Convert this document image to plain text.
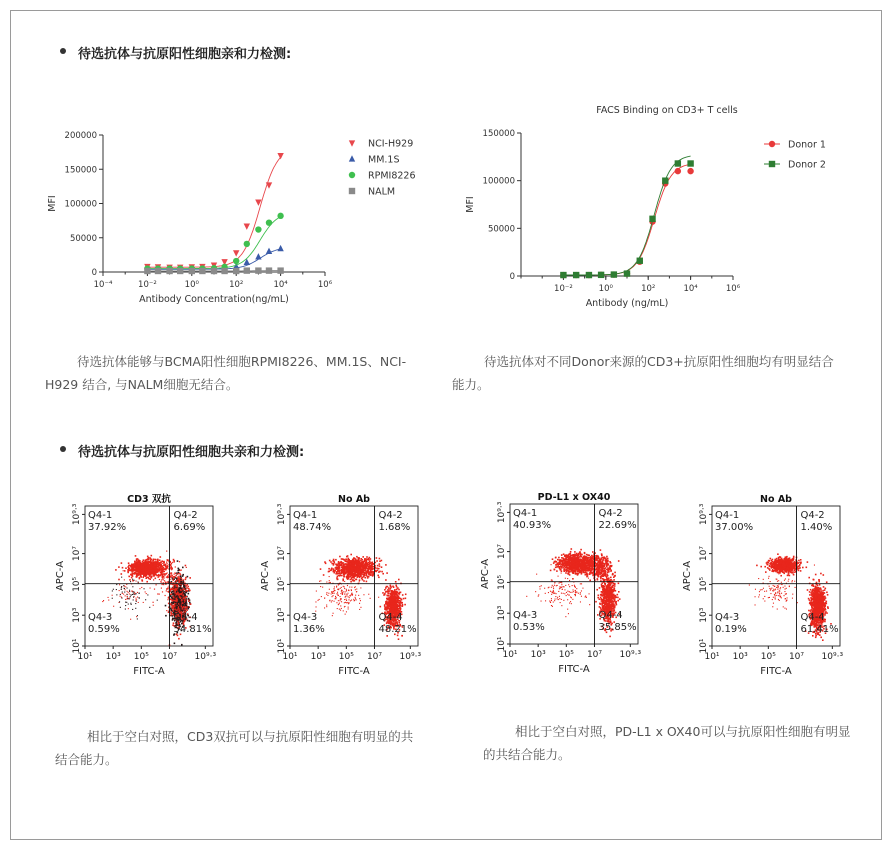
待选抗体与抗原阳性细胞亲和力检测:
0
50000
100000
150000
200000
10⁻⁴	10⁻²	10⁰	10²	10⁴	10⁶
Antibody Concentration(ng/mL)
MFI
NCI-H929
MM.1S
RPMI8226
NALM
0
50000
100000
150000
10⁻²	10⁰	10²	10⁴	10⁶
Antibody (ng/mL)
MFI
FACS Binding on CD3+ T cells
Donor 1
Donor 2
待选抗体能够与BCMA阳性细胞RPMI8226、MM.1S、NCI-H929 结合, 与NALM细胞无结合。
待选抗体对不同Donor来源的CD3+抗原阳性细胞均有明显结合能力。
待选抗体与抗原阳性细胞共亲和力检测:
Q4-1
37.92%
Q4-2
6.69%
Q4-3
0.59%
Q4-4
54.81%
CD3 双抗
10¹ 10³ 10⁵ 10⁷ 10⁹·³
10¹
10³
10⁵
10⁷
10⁹·³
FITC-A
APC-A
Q4-1
48.74%
Q4-2
1.68%
Q4-3
1.36%
Q4-4
48.21%
No Ab
10¹ 10³ 10⁵ 10⁷ 10⁹·³
10¹
10³
10⁵
10⁷
10⁹·³
FITC-A
APC-A
Q4-1
40.93%
Q4-2
22.69%
Q4-3
0.53%
Q4-4
35.85%
PD-L1 x OX40
10¹ 10³ 10⁵ 10⁷ 10⁹·³
10¹
10³
10⁵
10⁷
10⁹·³
FITC-A
APC-A
Q4-1
37.00%
Q4-2
1.40%
Q4-3
0.19%
Q4-4
61.41%
No Ab
10¹ 10³ 10⁵ 10⁷ 10⁹·³
10¹
10³
10⁵
10⁷
10⁹·³
FITC-A
APC-A
相比于空白对照，CD3双抗可以与抗原阳性细胞有明显的共结合能力。
相比于空白对照，PD-L1 x OX40可以与抗原阳性细胞有明显的共结合能力。
